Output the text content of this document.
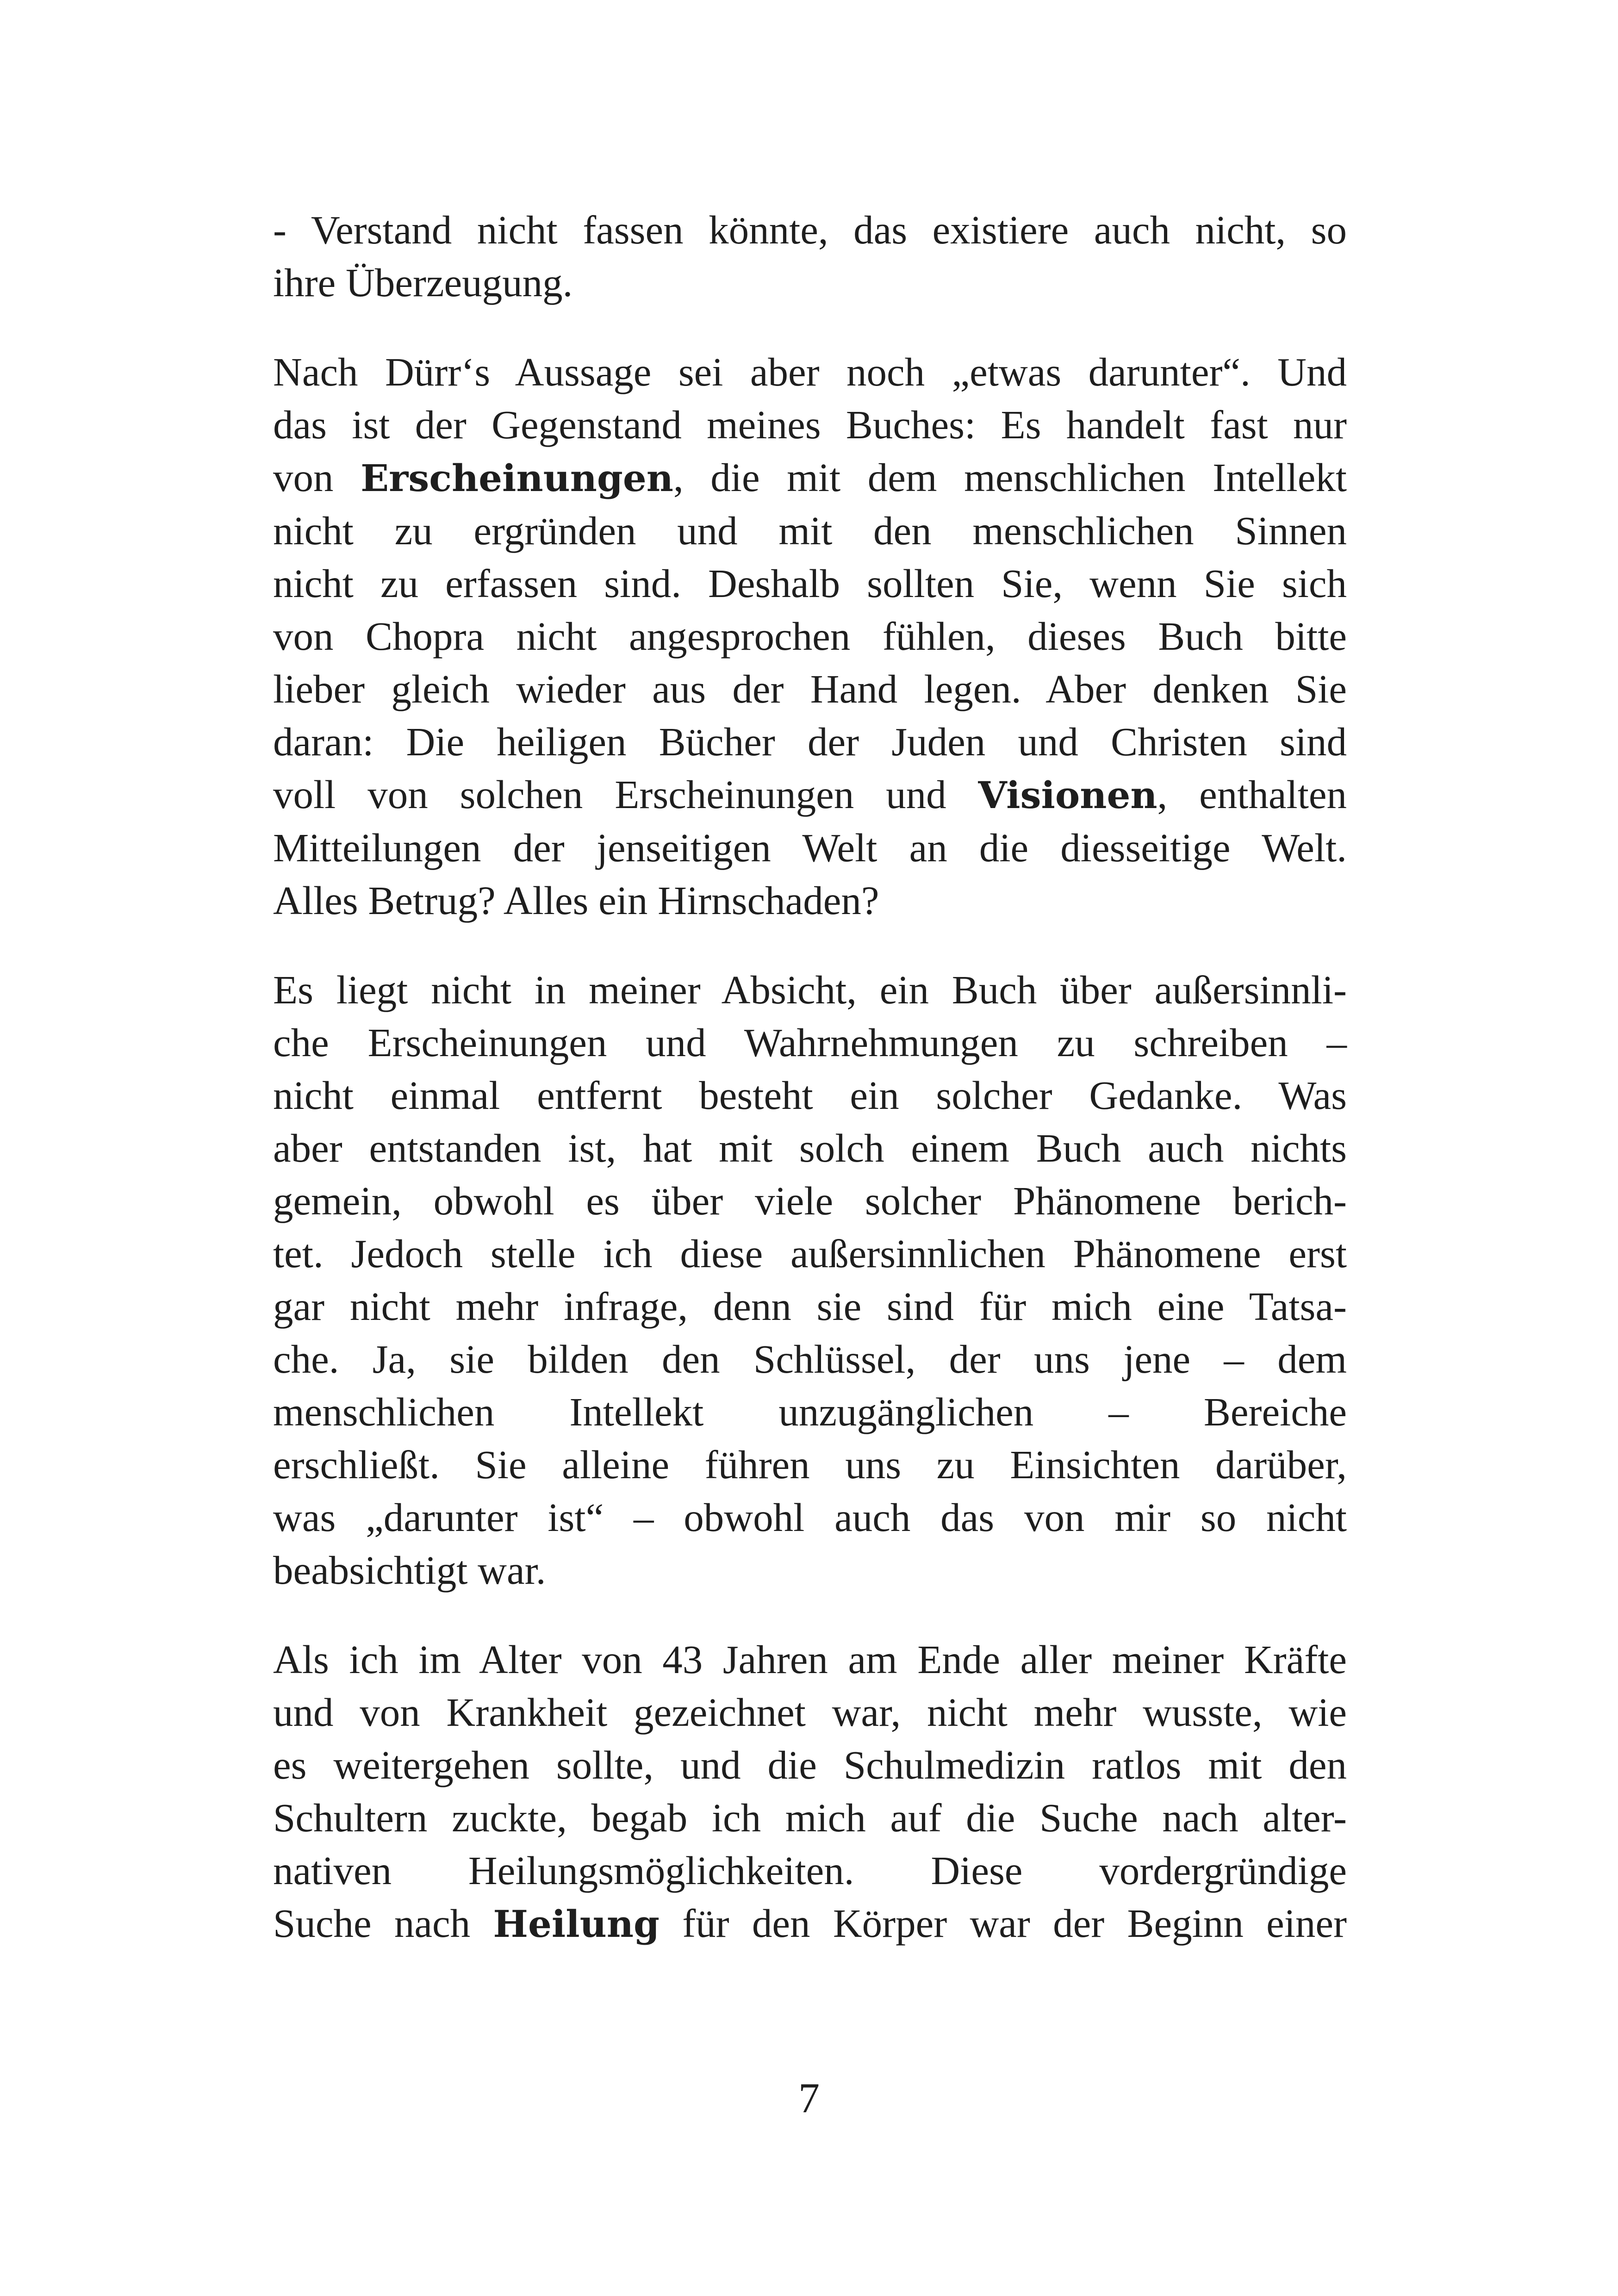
- Verstand nicht fassen könnte, das existiere auch nicht, so
ihre Überzeugung.
Nach Dürr‘s Aussage sei aber noch „etwas darunter“. Und
das ist der Gegenstand meines Buches: Es handelt fast nur
von Erscheinungen, die mit dem menschlichen Intellekt
nicht zu ergründen und mit den menschlichen Sinnen
nicht zu erfassen sind. Deshalb sollten Sie, wenn Sie sich
von Chopra nicht angesprochen fühlen, dieses Buch bitte
lieber gleich wieder aus der Hand legen. Aber denken Sie
daran: Die heiligen Bücher der Juden und Christen sind
voll von solchen Erscheinungen und Visionen, enthalten
Mitteilungen der jenseitigen Welt an die diesseitige Welt.
Alles Betrug? Alles ein Hirnschaden?
Es liegt nicht in meiner Absicht, ein Buch über außersinnli-
che Erscheinungen und Wahrnehmungen zu schreiben –
nicht einmal entfernt besteht ein solcher Gedanke. Was
aber entstanden ist, hat mit solch einem Buch auch nichts
gemein, obwohl es über viele solcher Phänomene berich-
tet. Jedoch stelle ich diese außersinnlichen Phänomene erst
gar nicht mehr infrage, denn sie sind für mich eine Tatsa-
che. Ja, sie bilden den Schlüssel, der uns jene – dem
menschlichen Intellekt unzugänglichen – Bereiche
erschließt. Sie alleine führen uns zu Einsichten darüber,
was „darunter ist“ – obwohl auch das von mir so nicht
beabsichtigt war.
Als ich im Alter von 43 Jahren am Ende aller meiner Kräfte
und von Krankheit gezeichnet war, nicht mehr wusste, wie
es weitergehen sollte, und die Schulmedizin ratlos mit den
Schultern zuckte, begab ich mich auf die Suche nach alter-
nativen Heilungsmöglichkeiten. Diese vordergründige
Suche nach Heilung für den Körper war der Beginn einer
7
